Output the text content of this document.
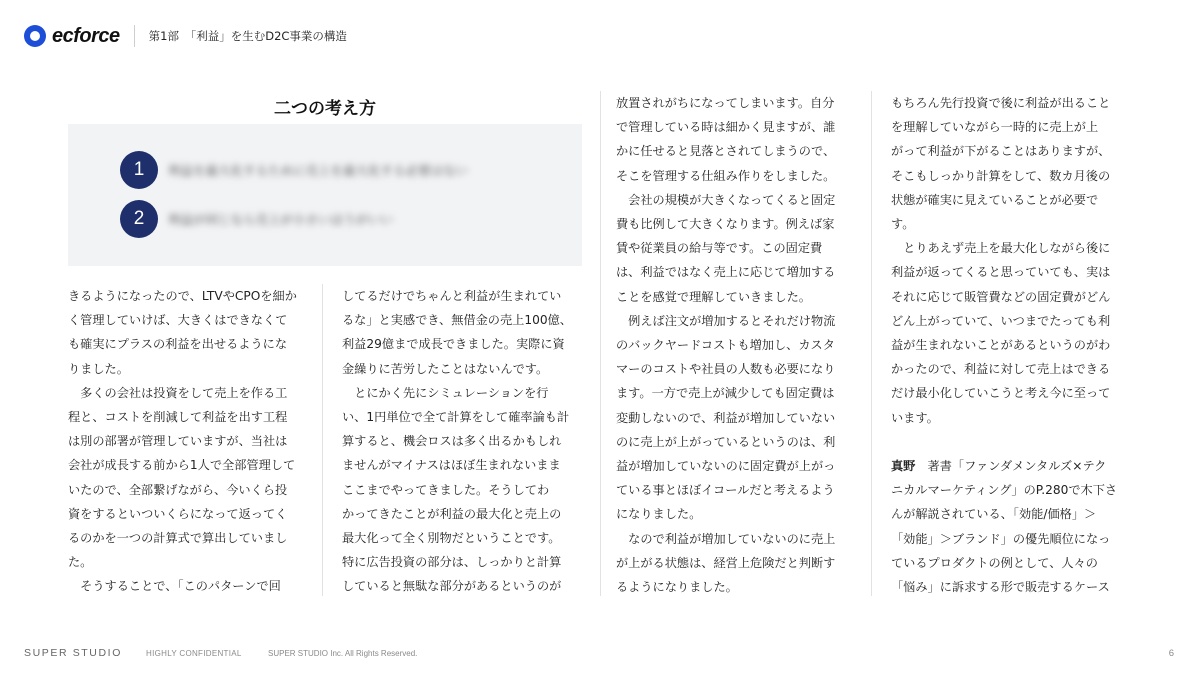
ecforce	第1部　「利益」を生むD2C事業の構造
二つの考え方
1	利益を最大化するために売上を最大化する必要はない
2	利益が同じなら売上が小さいほうがいい

きるようになったので、LTVやCPOを細か

く管理していけば、大きくはできなくて

も確実にプラスの利益を出せるようにな

りました。

　多くの会社は投資をして売上を作る工

程と、コストを削減して利益を出す工程

は別の部署が管理していますが、当社は

会社が成長する前から1人で全部管理して

いたので、全部繋げながら、今いくら投

資をするといついくらになって返ってく

るのかを一つの計算式で算出していまし

た。

　そうすることで、「このパターンで回

してるだけでちゃんと利益が生まれてい

るな」と実感でき、無借金の売上100億、

利益29億まで成長できました。実際に資

金繰りに苦労したことはないんです。

　とにかく先にシミュレーションを行

い、1円単位で全て計算をして確率論も計

算すると、機会ロスは多く出るかもしれ

ませんがマイナスはほぼ生まれないまま

ここまでやってきました。そうしてわ

かってきたことが利益の最大化と売上の

最大化って全く別物だということです。

特に広告投資の部分は、しっかりと計算

していると無駄な部分があるというのが

放置されがちになってしまいます。自分

で管理している時は細かく見ますが、誰

かに任せると見落とされてしまうので、

そこを管理する仕組み作りをしました。

　会社の規模が大きくなってくると固定

費も比例して大きくなります。例えば家

賃や従業員の給与等です。この固定費

は、利益ではなく売上に応じて増加する

ことを感覚で理解していきました。

　例えば注文が増加するとそれだけ物流

のバックヤードコストも増加し、カスタ

マーのコストや社員の人数も必要になり

ます。一方で売上が減少しても固定費は

変動しないので、利益が増加していない

のに売上が上がっているというのは、利

益が増加していないのに固定費が上がっ

ている事とほぼイコールだと考えるよう

になりました。

　なので利益が増加していないのに売上

が上がる状態は、経営上危険だと判断す

るようになりました。

もちろん先行投資で後に利益が出ること

を理解していながら一時的に売上が上

がって利益が下がることはありますが、

そこもしっかり計算をして、数カ月後の

状態が確実に見えていることが必要で

す。

　とりあえず売上を最大化しながら後に

利益が返ってくると思っていても、実は

それに応じて販管費などの固定費がどん

どん上がっていて、いつまでたっても利

益が生まれないことがあるというのがわ

かったので、利益に対して売上はできる

だけ最小化していこうと考え今に至って

います。

真野　著書「ファンダメンタルズ×テク

ニカルマーケティング」のP.280で木下さ

んが解説されている、「効能/価格」＞

「効能」＞ブランド」の優先順位になっ

ているプロダクトの例として、人々の

「悩み」に訴求する形で販売するケース

SUPER STUDIO	HIGHLY CONFIDENTIAL	SUPER STUDIO Inc. All Rights Reserved.	6
